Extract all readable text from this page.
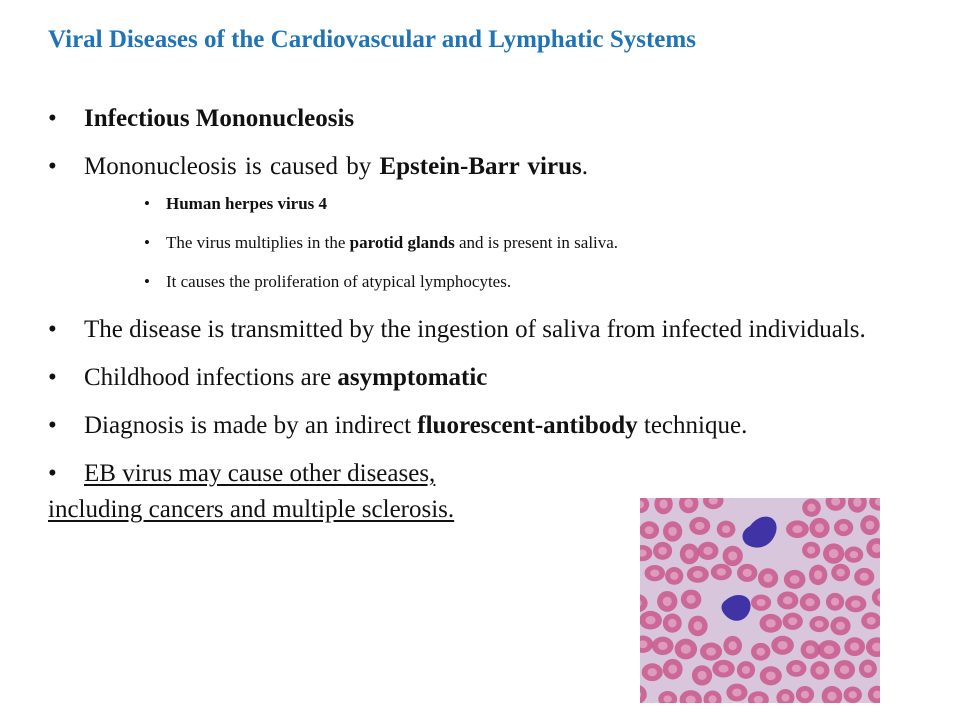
Viral Diseases of the Cardiovascular and Lymphatic Systems
• Infectious Mononucleosis
• Mononucleosis is caused by Epstein-Barr virus.
• Human herpes virus 4
• The virus multiplies in the parotid glands and is present in saliva.
• It causes the proliferation of atypical lymphocytes.
• The disease is transmitted by the ingestion of saliva from infected individuals.
• Childhood infections are asymptomatic
• Diagnosis is made by an indirect fluorescent-antibody technique.
• EB virus may cause other diseases,
including cancers and multiple sclerosis.
